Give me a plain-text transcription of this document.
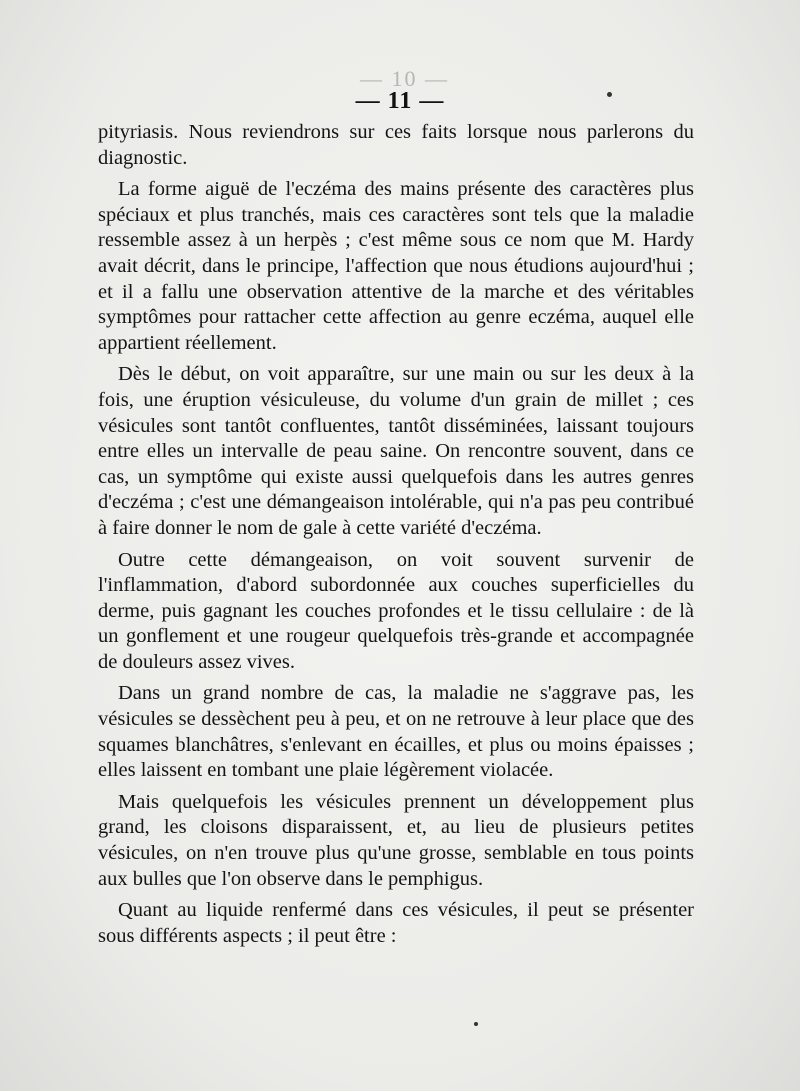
— 10 —
— 11 —

pityriasis. Nous reviendrons sur ces faits lorsque nous parlerons du diagnostic.

La forme aiguë de l'eczéma des mains présente des caractères plus spéciaux et plus tranchés, mais ces caractères sont tels que la maladie ressemble assez à un herpès ; c'est même sous ce nom que M. Hardy avait décrit, dans le principe, l'affection que nous étudions aujourd'hui ; et il a fallu une observation attentive de la marche et des véritables symptômes pour rattacher cette affection au genre eczéma, auquel elle appartient réellement.

Dès le début, on voit apparaître, sur une main ou sur les deux à la fois, une éruption vésiculeuse, du volume d'un grain de millet ; ces vésicules sont tantôt confluentes, tantôt disséminées, laissant toujours entre elles un intervalle de peau saine. On rencontre souvent, dans ce cas, un symptôme qui existe aussi quelquefois dans les autres genres d'eczéma ; c'est une démangeaison intolérable, qui n'a pas peu contribué à faire donner le nom de gale à cette variété d'eczéma.

Outre cette démangeaison, on voit souvent survenir de l'inflammation, d'abord subordonnée aux couches superficielles du derme, puis gagnant les couches profondes et le tissu cellulaire : de là un gonflement et une rougeur quelquefois très-grande et accompagnée de douleurs assez vives.

Dans un grand nombre de cas, la maladie ne s'aggrave pas, les vésicules se dessèchent peu à peu, et on ne retrouve à leur place que des squames blanchâtres, s'enlevant en écailles, et plus ou moins épaisses ; elles laissent en tombant une plaie légèrement violacée.

Mais quelquefois les vésicules prennent un développement plus grand, les cloisons disparaissent, et, au lieu de plusieurs petites vésicules, on n'en trouve plus qu'une grosse, semblable en tous points aux bulles que l'on observe dans le pemphigus.

Quant au liquide renfermé dans ces vésicules, il peut se présenter sous différents aspects ; il peut être :
